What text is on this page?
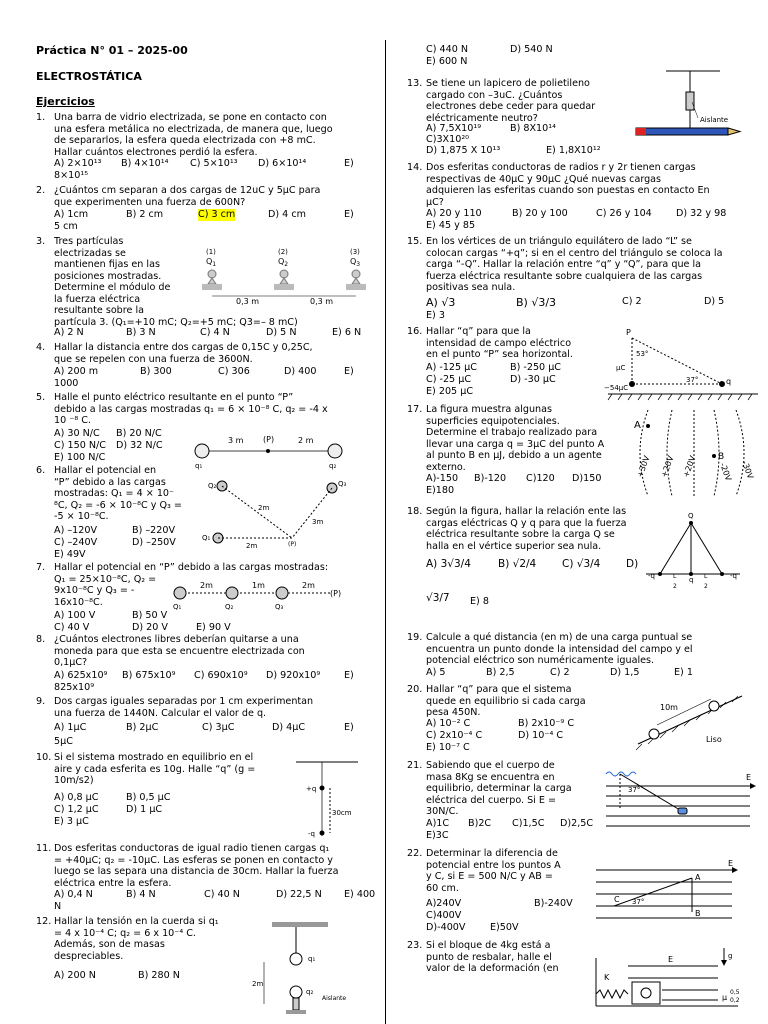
Práctica N° 01 – 2025-00
ELECTROSTÁTICA
Ejercicios
1. Una barra de vidrio electrizada, se pone en contacto con
una esfera metálica no electrizada, de manera que, luego
de separarlos, la esfera queda electrizada con +8 mC.
Hallar cuántos electrones perdió la esfera.
A) 2×10¹³ B) 4×10¹⁴ C) 5×10¹³ D) 6×10¹⁴	E)
8×10¹⁵
2. ¿Cuántos cm separan a dos cargas de 12uC y 5μC para
que experimenten una fuerza de 600N?
A) 1cm	B) 2 cm	C) 3 cm	D) 4 cm	E)
5 cm
3. Tres partículas
electrizadas se
mantienen fijas en las
posiciones mostradas.
Determine el módulo de
la fuerza eléctrica
resultante sobre la
partícula 3. (Q₁=+10 mC; Q₂=+5 mC; Q3=– 8 mC)
A) 2 N	B) 3 N	C) 4 N	D) 5 N	E) 6 N
(1)	(2)	(3)
$Q_1$	$Q_2$	$Q_3$
0,3 m	0,3 m
4. Hallar la distancia entre dos cargas de 0,15C y 0,25C,
que se repelen con una fuerza de 3600N.
A) 200 m	B) 300	C) 306	D) 400	E)
1000
5. Halle el punto eléctrico resultante en el punto “P”
debido a las cargas mostradas q₁ = 6 × 10⁻⁸ C, q₂ = -4 x
10 ⁻⁸ C.
A) 30 N/C B) 20 N/C
C) 150 N/C D) 32 N/C
E) 100 N/C
3 m (P)	2 m
q₁	q₂
6. Hallar el potencial en
“P” debido a las cargas
mostradas: Q₁ = 4 × 10⁻
⁸C, Q₂ = -6 × 10⁻⁸C y Q₃ =
-5 × 10⁻⁸C.
A) –120V	B) –220V
C) –240V	D) –250V
E) 49V
Q₂	Q₃
Q₁
2m
3m
2m	(P)
7. Hallar el potencial en “P” debido a las cargas mostradas:
Q₁ = 25×10⁻⁸C, Q₂ =
9x10⁻⁸C y Q₃ = -
16x10⁻⁸C.
A) 100 V	B) 50 V
C) 40 V	D) 20 V	E) 90 V
2m	1m	2m
(P)
Q₁	Q₂	Q₃
8. ¿Cuántos electrones libres deberían quitarse a una
moneda para que esta se encuentre electrizada con
0,1μC?
A) 625x10⁹ B) 675x10⁹ C) 690x10⁹ D) 920x10⁹ E)
825x10⁹
9. Dos cargas iguales separadas por 1 cm experimentan
una fuerza de 1440N. Calcular el valor de q.
A) 1μC	B) 2μC	C) 3μC	D) 4μC	E)
5μC
10. Si el sistema mostrado en equilibrio en el
aire y cada esferita es 10g. Halle “q” (g =
10m/s2)
A) 0,8 μC	B) 0,5 μC
C) 1,2 μC	D) 1 μC
E) 3 μC
+q
-q
30cm
11. Dos esferitas conductoras de igual radio tienen cargas q₁
= +40μC; q₂ = -10μC. Las esferas se ponen en contacto y
luego se las separa una distancia de 30cm. Hallar la fuerza
eléctrica entre la esfera.
A) 0,4 N	B) 4 N	C) 40 N	D) 22,5 N E) 400
N
12. Hallar la tensión en la cuerda si q₁
= 4 x 10⁻⁴ C; q₂ = 6 x 10⁻⁴ C.
Además, son de masas
despreciables.
A) 200 N	B) 280 N
q₁
2m
q₂
Aislante
C) 440 N	D) 540 N
E) 600 N
13. Se tiene un lapicero de polietileno
cargado con –3uC. ¿Cuántos
electrones debe ceder para quedar
eléctricamente neutro?
A) 7,5X10¹⁹	B) 8X10¹⁴
C)3X10²⁰
D) 1,875 X 10¹³	E) 1,8X10¹²
Aislante
14. Dos esferitas conductoras de radios r y 2r tienen cargas
respectivas de 40μC y 90μC ¿Qué nuevas cargas
adquieren las esferitas cuando son puestas en contacto En
μC?
A) 20 y 110	B) 20 y 100	C) 26 y 104	D) 32 y 98
E) 45 y 85
15. En los vértices de un triángulo equilátero de lado “L” se
colocan cargas “+q”; si en el centro del triángulo se coloca la
carga “-Q”. Hallar la relación entre “q” y “Q”, para que la
fuerza eléctrica resultante sobre cualquiera de las cargas
positivas sea nula.
A) √3	B) √3/3	C) 2	D) 5
E) 3
16. Hallar “q” para que la
intensidad de campo eléctrico
en el punto “P” sea horizontal.
A) -125 μC	B) -250 μC
C) -25 μC	D) -30 μC
E) 205 μC
P
53°
37°
μC
−54μC
q
17. La figura muestra algunas
superficies equipotenciales.
Determine el trabajo realizado para
llevar una carga q = 3μC del punto A
al punto B en μJ, debido a un agente
externo.
A)-150 B)-120 C)120 D)150
E)180
A
B
+30V +20V +20V	-20V -30V
18. Según la figura, hallar la relación ente las
cargas eléctricas Q y q para que la fuerza
eléctrica resultante sobre la carga Q se
halla en el vértice superior sea nula.
A) 3√3/4	B) √2/4 C) √3/4 D)
√3/7 E) 8
Q
-q	q	-q
L
2
L
2
19. Calcule a qué distancia (en m) de una carga puntual se
encuentra un punto donde la intensidad del campo y el
potencial eléctrico son numéricamente iguales.
A) 5	B) 2,5	C) 2	D) 1,5	E) 1
20. Hallar “q” para que el sistema
quede en equilibrio si cada carga
pesa 450N.
A) 10⁻² C	B) 2x10⁻⁹ C
C) 2x10⁻⁴ C	D) 10⁻⁴ C
E) 10⁻⁷ C
10m
Liso
21. Sabiendo que el cuerpo de
masa 8Kg se encuentra en
equilibrio, determinar la carga
eléctrica del cuerpo. Si E =
30N/C.
A)1C B)2C C)1,5C D)2,5C
E)3C
E
37°
22. Determinar la diferencia de
potencial entre los puntos A
y C, si E = 500 N/C y AB =
60 cm.
A)240V	B)-240V
C)400V
D)-400V	E)50V
E
A
B
C 37°
23. Si el bloque de 4kg está a
punto de resbalar, halle el
valor de la deformación (en
K
E	g
μ
0,5
0,2
